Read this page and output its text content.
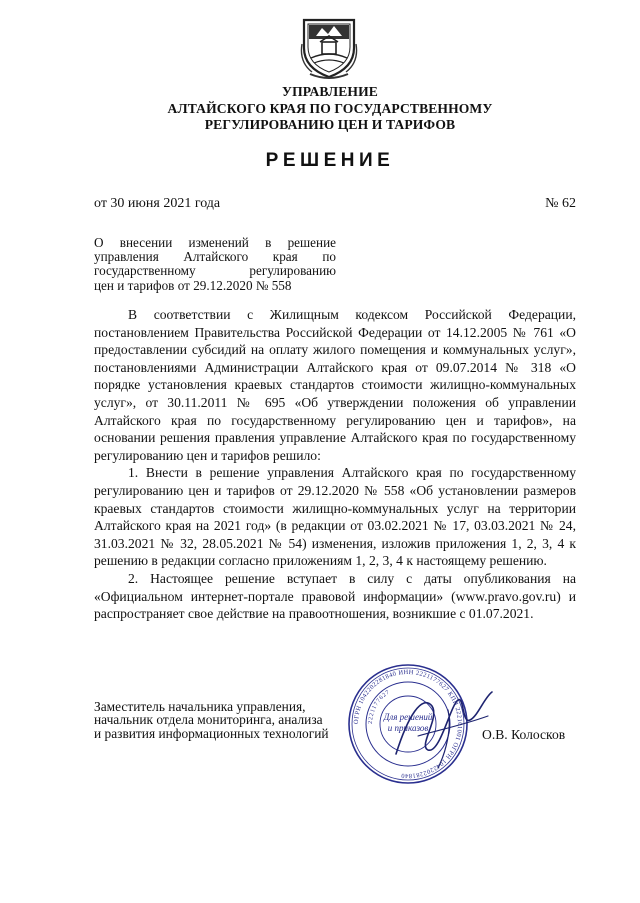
УПРАВЛЕНИЕ
АЛТАЙСКОГО КРАЯ ПО ГОСУДАРСТВЕННОМУ
РЕГУЛИРОВАНИЮ ЦЕН И ТАРИФОВ
РЕШЕНИЕ
от 30 июня 2021 года	№ 62
О внесении изменений в решение
управления Алтайского края по
государственному регулированию
цен и тарифов от 29.12.2020 № 558

В соответствии с Жилищным кодексом Российской Федерации, постановлением Правительства Российской Федерации от 14.12.2005 № 761 «О предоставлении субсидий на оплату жилого помещения и коммунальных услуг», постановлениями Администрации Алтайского края от 09.07.2014 № 318 «О порядке установления краевых стандартов стоимости жилищно-коммунальных услуг», от 30.11.2011 № 695 «Об утверждении положения об управлении Алтайского края по государственному регулированию цен и тарифов», на основании решения правления управление Алтайского края по государственному регулированию цен и тарифов решило:

1. Внести в решение управления Алтайского края по государственному регулированию цен и тарифов от 29.12.2020 № 558 «Об установлении размеров краевых стандартов стоимости жилищно-коммунальных услуг на территории Алтайского края на 2021 год» (в редакции от 03.02.2021 № 17, 03.03.2021 № 24, 31.03.2021 № 32, 28.05.2021 № 54) изменения, изложив приложения 1, 2, 3, 4 к решению в редакции согласно приложениям 1, 2, 3, 4 к настоящему решению.

2. Настоящее решение вступает в силу с даты опубликования на «Официальном интернет-портале правовой информации» (www.pravo.gov.ru) и распространяет свое действие на правоотношения, возникшие с 01.07.2021.

Заместитель начальника управления,
начальник отдела мониторинга, анализа
и развития информационных технологий
ОГРН 1042202281840 ИНН 2221177627 КПП 222101001 ОГРН 1042202281840
2221177627
Для решений
и приказов	О.В. Колосков
